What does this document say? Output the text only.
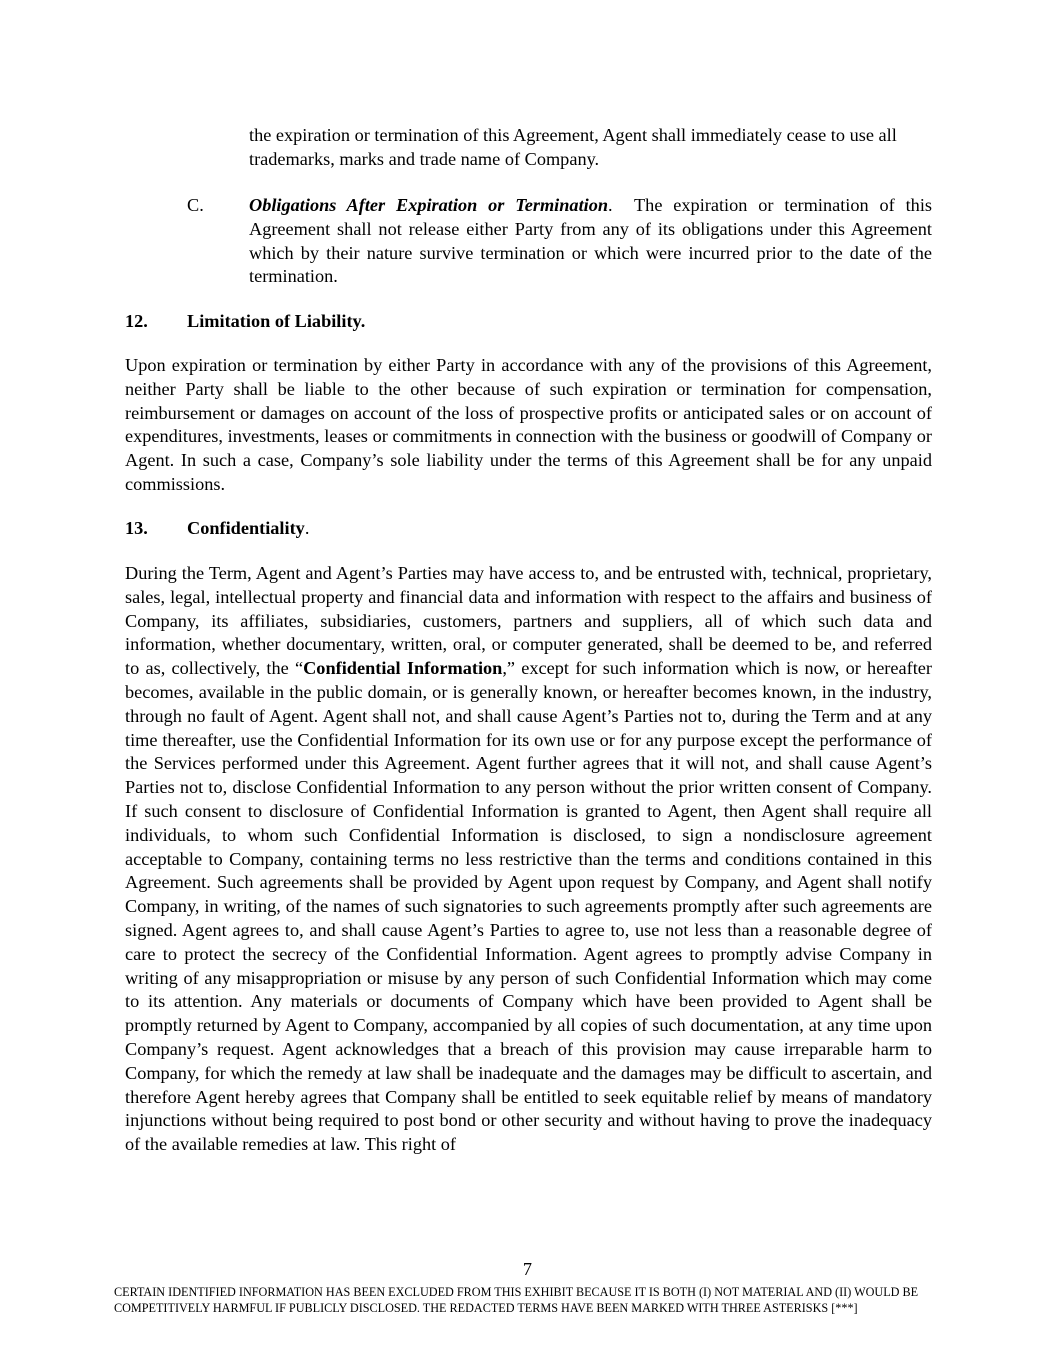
the expiration or termination of this Agreement, Agent shall immediately cease to use all trademarks, marks and trade name of Company.

C. Obligations After Expiration or Termination.  The expiration or termination of this Agreement shall not release either Party from any of its obligations under this Agreement which by their nature survive termination or which were incurred prior to the date of the termination.

12. Limitation of Liability.

Upon expiration or termination by either Party in accordance with any of the provisions of this Agreement, neither Party shall be liable to the other because of such expiration or termination for compensation, reimbursement or damages on account of the loss of prospective profits or anticipated sales or on account of expenditures, investments, leases or commitments in connection with the business or goodwill of Company or Agent. In such a case, Company’s sole liability under the terms of this Agreement shall be for any unpaid commissions.

13. Confidentiality.

During the Term, Agent and Agent’s Parties may have access to, and be entrusted with, technical, proprietary, sales, legal, intellectual property and financial data and information with respect to the affairs and business of Company, its affiliates, subsidiaries, customers, partners and suppliers, all of which such data and information, whether documentary, written, oral, or computer generated, shall be deemed to be, and referred to as, collectively, the “Confidential Information,” except for such information which is now, or hereafter becomes, available in the public domain, or is generally known, or hereafter becomes known, in the industry, through no fault of Agent. Agent shall not, and shall cause Agent’s Parties not to, during the Term and at any time thereafter, use the Confidential Information for its own use or for any purpose except the performance of the Services performed under this Agreement. Agent further agrees that it will not, and shall cause Agent’s Parties not to, disclose Confidential Information to any person without the prior written consent of Company. If such consent to disclosure of Confidential Information is granted to Agent, then Agent shall require all individuals, to whom such Confidential Information is disclosed, to sign a nondisclosure agreement acceptable to Company, containing terms no less restrictive than the terms and conditions contained in this Agreement. Such agreements shall be provided by Agent upon request by Company, and Agent shall notify Company, in writing, of the names of such signatories to such agreements promptly after such agreements are signed. Agent agrees to, and shall cause Agent’s Parties to agree to, use not less than a reasonable degree of care to protect the secrecy of the Confidential Information. Agent agrees to promptly advise Company in writing of any misappropriation or misuse by any person of such Confidential Information which may come to its attention. Any materials or documents of Company which have been provided to Agent shall be promptly returned by Agent to Company, accompanied by all copies of such documentation, at any time upon Company’s request. Agent acknowledges that a breach of this provision may cause irreparable harm to Company, for which the remedy at law shall be inadequate and the damages may be difficult to ascertain, and therefore Agent hereby agrees that Company shall be entitled to seek equitable relief by means of mandatory injunctions without being required to post bond or other security and without having to prove the inadequacy of the available remedies at law. This right of

7
CERTAIN IDENTIFIED INFORMATION HAS BEEN EXCLUDED FROM THIS EXHIBIT BECAUSE IT IS BOTH (I) NOT MATERIAL AND (II) WOULD BE COMPETITIVELY HARMFUL IF PUBLICLY DISCLOSED. THE REDACTED TERMS HAVE BEEN MARKED WITH THREE ASTERISKS [***]
